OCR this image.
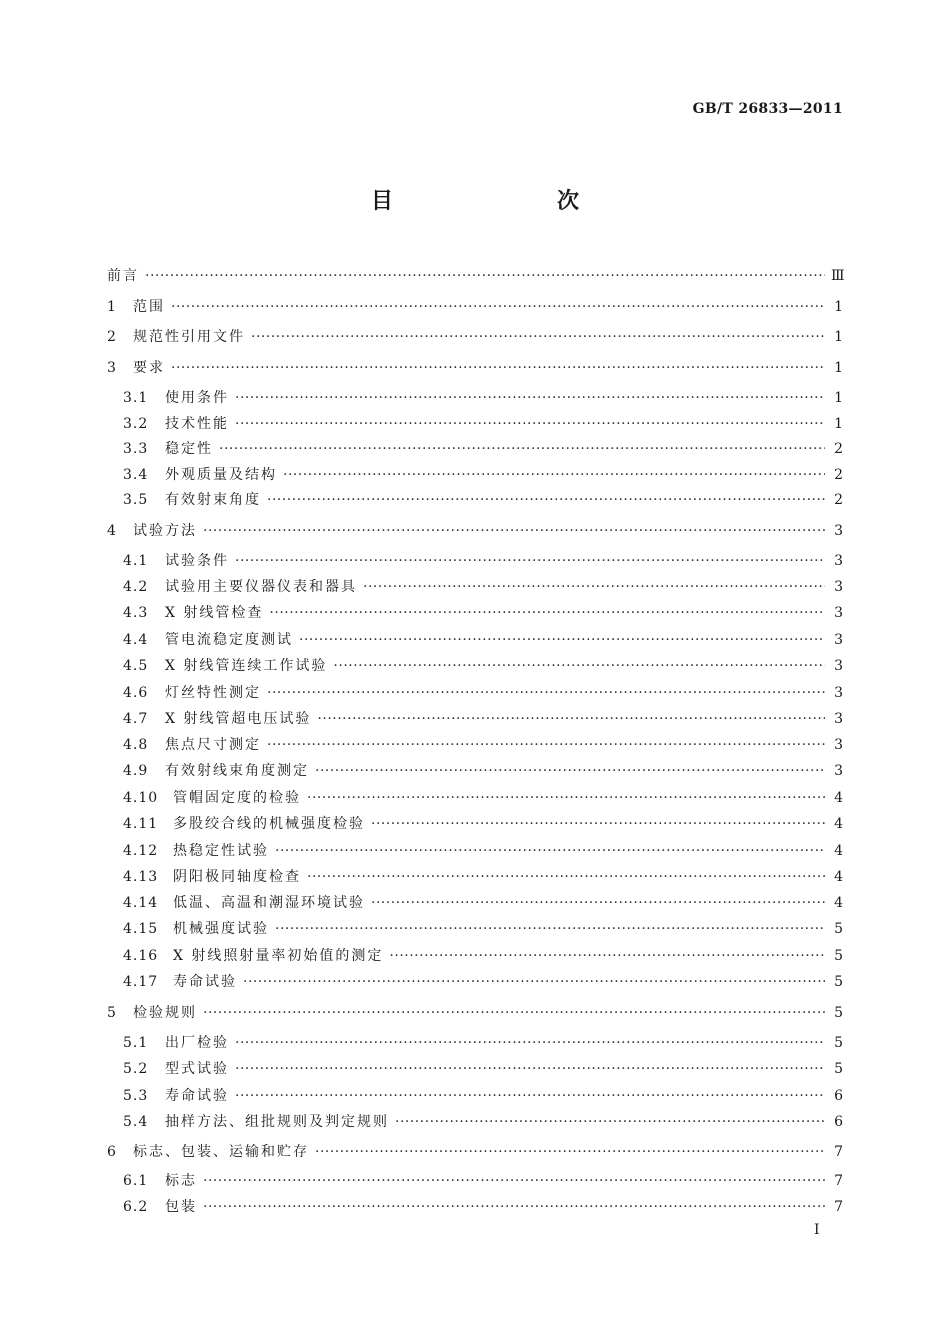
GB/T 26833—2011
目　　次
前言 ·····	Ⅲ
1	范围 ·····	1
2	规范性引用文件 ·····	1
3	要求 ·····	1
3.1	使用条件 ·····	1
3.2	技术性能 ·····	1
3.3	稳定性 ·····	2
3.4	外观质量及结构 ·····	2
3.5	有效射束角度 ·····	2
4	试验方法 ·····	3
4.1	试验条件 ·····	3
4.2	试验用主要仪器仪表和器具 ·····	3
4.3	X 射线管检查 ·····	3
4.4	管电流稳定度测试 ·····	3
4.5	X 射线管连续工作试验 ·····	3
4.6	灯丝特性测定 ·····	3
4.7	X 射线管超电压试验 ·····	3
4.8	焦点尺寸测定 ·····	3
4.9	有效射线束角度测定 ·····	3
4.10	管帽固定度的检验 ·····	4
4.11	多股绞合线的机械强度检验 ·····	4
4.12	热稳定性试验 ·····	4
4.13	阴阳极同轴度检查 ·····	4
4.14	低温、高温和潮湿环境试验 ·····	4
4.15	机械强度试验 ·····	5
4.16	X 射线照射量率初始值的测定 ·····	5
4.17	寿命试验 ·····	5
5	检验规则 ·····	5
5.1	出厂检验 ·····	5
5.2	型式试验 ·····	5
5.3	寿命试验 ·····	6
5.4	抽样方法、组批规则及判定规则 ·····	6
6	标志、包装、运输和贮存 ·····	7
6.1	标志 ·····	7
6.2	包装 ·····	7
I
